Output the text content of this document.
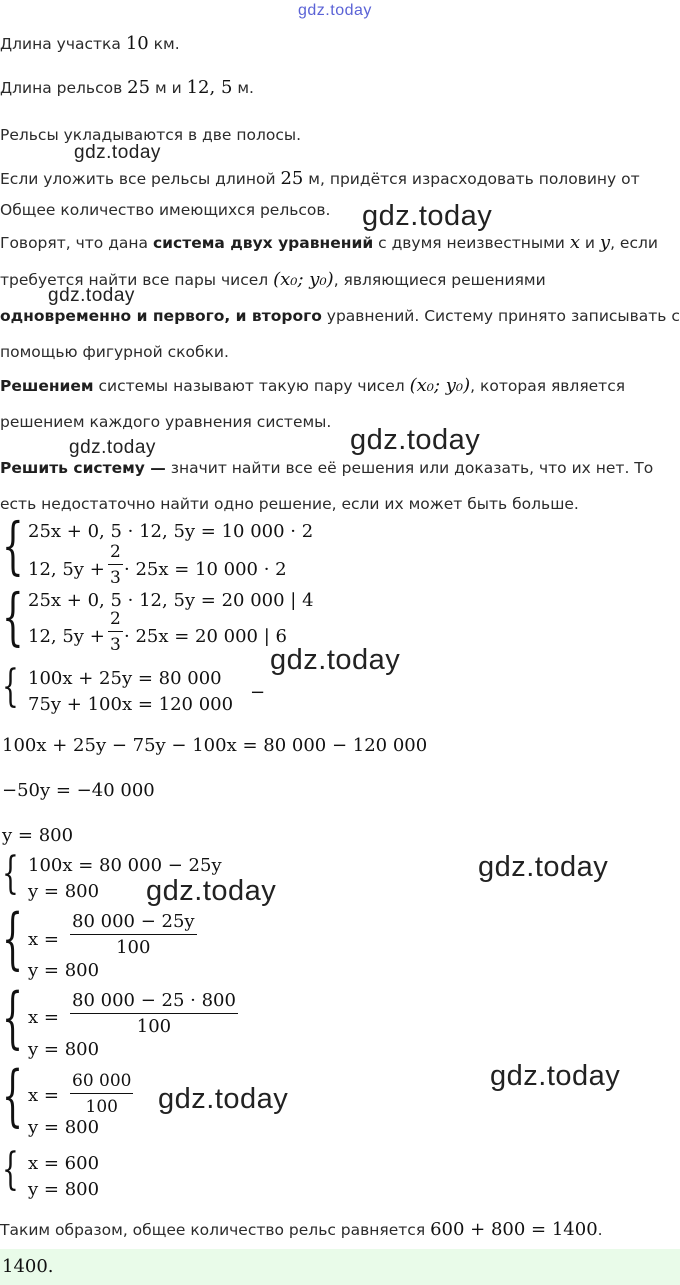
gdz.today
Длина участка 10 км.
Длина рельсов 25 м и 12, 5 м.
Рельсы укладываются в две полосы.
Если уложить все рельсы длиной 25 м, придётся израсходовать половину от
Общее количество имеющихся рельсов.
Говорят, что дана система двух уравнений с двумя неизвестными x и y, если
требуется найти все пары чисел (x₀; y₀), являющиеся решениями
одновременно и первого, и второго уравнений. Систему принято записывать с
помощью фигурной скобки.
Решением системы называют такую пару чисел (x₀; y₀), которая является
решением каждого уравнения системы.
Решить систему — значит найти все её решения или доказать, что их нет. То
есть недостаточно найти одно решение, если их может быть больше.
{ 25x + 0, 5 · 12, 5y = 10 000 · 2
12, $5y + \frac{2}{3} \cdot 25x = 10$ 000 · 2
{ 25x + 0, 5 · 12, 5y = 20 000 | 4
12, $5y + \frac{2}{3} \cdot 25x = 20$ 000 | 6
{ 100x + 25y = 80 000
75y + 100x = 120 000
−
100x + 25y − 75y − 100x = 80 000 − 120 000
−50y = −40 000
y = 800
{ 100x = 80 000 − 25y
y = 800
{ $x = \frac{80 000 - 25y}{100}$
y = 800
{ $x = \frac{80 000 - 25 \cdot 800}{100}$
y = 800
{ $x = \frac{60 000}{100}$
y = 800
{ x = 600
y = 800
Таким образом, общее количество рельс равняется 600 + 800 = 1400.
1400.
gdz.today
gdz.today
gdz.today
gdz.today	gdz.today
gdz.today
gdz.today
gdz.today
gdz.today
gdz.today
